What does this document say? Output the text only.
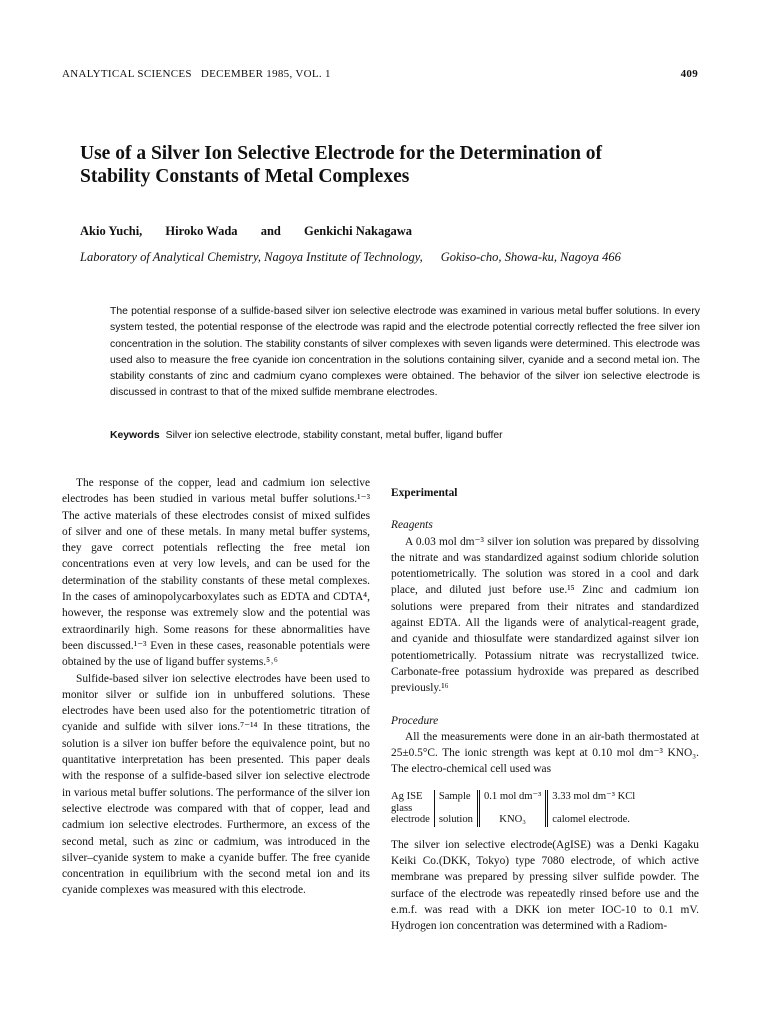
ANALYTICAL SCIENCES   DECEMBER 1985, VOL. 1	409
Use of a Silver Ion Selective Electrode for the Determination of Stability Constants of Metal Complexes
Akio Yuchi, Hiroko Wada and Genkichi Nakagawa
Laboratory of Analytical Chemistry, Nagoya Institute of Technology, Gokiso-cho, Showa-ku, Nagoya 466

The potential response of a sulfide-based silver ion selective electrode was examined in various metal buffer solutions. In every system tested, the potential response of the electrode was rapid and the electrode potential correctly reflected the free silver ion concentration in the solution. The stability constants of silver complexes with seven ligands were determined. This electrode was used also to measure the free cyanide ion concentration in the solutions containing silver, cyanide and a second metal ion. The stability constants of zinc and cadmium cyano complexes were obtained. The behavior of the silver ion selective electrode is discussed in contrast to that of the mixed sulfide membrane electrodes.

Keywords Silver ion selective electrode, stability constant, metal buffer, ligand buffer

The response of the copper, lead and cadmium ion selective electrodes has been studied in various metal buffer solutions.¹⁻³ The active materials of these electrodes consist of mixed sulfides of silver and one of these metals. In many metal buffer systems, they gave correct potentials reflecting the free metal ion concentrations even at very low levels, and can be used for the determination of the stability constants of these metal complexes. In the cases of aminopolycarboxylates such as EDTA and CDTA⁴, however, the response was extremely slow and the potential was extraordinarily high. Some reasons for these abnormalities have been discussed.¹⁻³ Even in these cases, reasonable potentials were obtained by the use of ligand buffer systems.⁵˒⁶

Sulfide-based silver ion selective electrodes have been used to monitor silver or sulfide ion in unbuffered solutions. These electrodes have been used also for the potentiometric titration of cyanide and sulfide with silver ions.⁷⁻¹⁴ In these titrations, the solution is a silver ion buffer before the equivalence point, but no quantitative interpretation has been presented. This paper deals with the response of a sulfide-based silver ion selective electrode in various metal buffer solutions. The performance of the silver ion selective electrode was compared with that of copper, lead and cadmium ion selective electrodes. Furthermore, an excess of the second metal, such as zinc or cadmium, was introduced in the silver–cyanide system to make a cyanide buffer. The free cyanide concentration in equilibrium with the second metal ion and its cyanide complexes was measured with this electrode.

Experimental
Reagents

A 0.03 mol dm⁻³ silver ion solution was prepared by dissolving the nitrate and was standardized against sodium chloride solution potentiometrically. The solution was stored in a cool and dark place, and diluted just before use.¹⁵ Zinc and cadmium ion solutions were prepared from their nitrates and standardized against EDTA. All the ligands were of analytical-reagent grade, and cyanide and thiosulfate were standardized against silver ion potentiometrically. Potassium nitrate was recrystallized twice. Carbonate-free potassium hydroxide was prepared as described previously.¹⁶

Procedure

All the measurements were done in an air-bath thermostated at 25±0.5°C. The ionic strength was kept at 0.10 mol dm⁻³ KNO₃. The electro-chemical cell used was

Ag ISE
glass
electrode
Sample
solution
0.1 mol dm⁻³
KNO₃
3.33 mol dm⁻³ KCl
calomel electrode.

The silver ion selective electrode(AgISE) was a Denki Kagaku Keiki Co.(DKK, Tokyo) type 7080 electrode, of which active membrane was prepared by pressing silver sulfide powder. The surface of the electrode was repeatedly rinsed before use and the e.m.f. was read with a DKK ion meter IOC-10 to 0.1 mV. Hydrogen ion concentration was determined with a Radiom-
